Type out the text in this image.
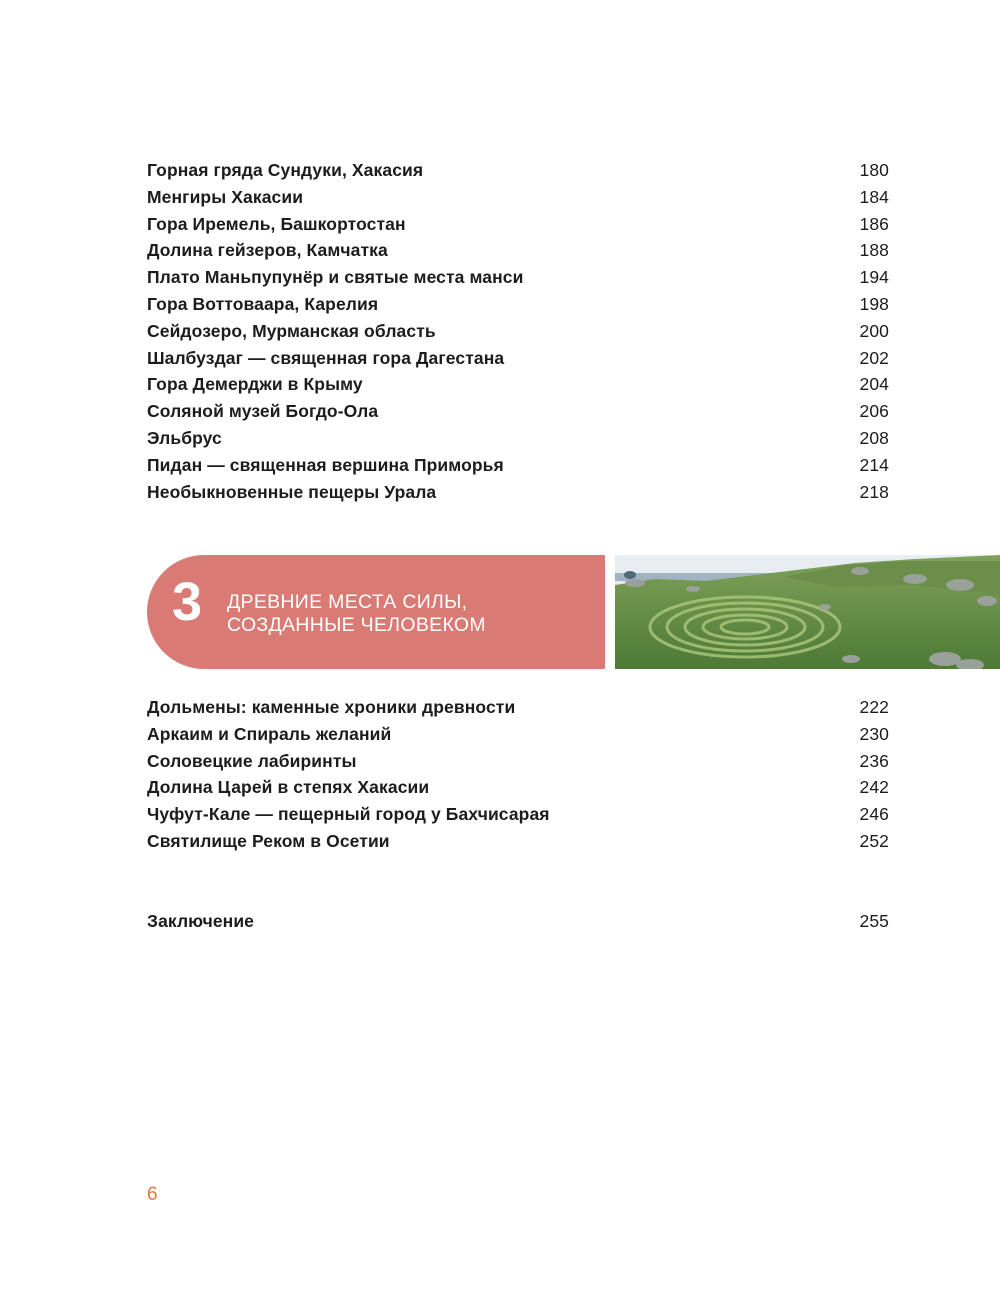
Горная гряда Сундуки, Хакасия	180
Менгиры Хакасии	184
Гора Иремель, Башкортостан	186
Долина гейзеров, Камчатка	188
Плато Маньпупунёр и святые места манси	194
Гора Воттоваара, Карелия	198
Сейдозеро, Мурманская область	200
Шалбуздаг — священная гора Дагестана	202
Гора Демерджи в Крыму	204
Соляной музей Богдо-Ола	206
Эльбрус	208
Пидан — священная вершина Приморья	214
Необыкновенные пещеры Урала	218
3 ДРЕВНИЕ МЕСТА СИЛЫ,
СОЗДАННЫЕ ЧЕЛОВЕКОМ
Дольмены: каменные хроники древности	222
Аркаим и Спираль желаний	230
Соловецкие лабиринты	236
Долина Царей в степях Хакасии	242
Чуфут-Кале — пещерный город у Бахчисарая	246
Святилище Реком в Осетии	252
Заключение	255
6
